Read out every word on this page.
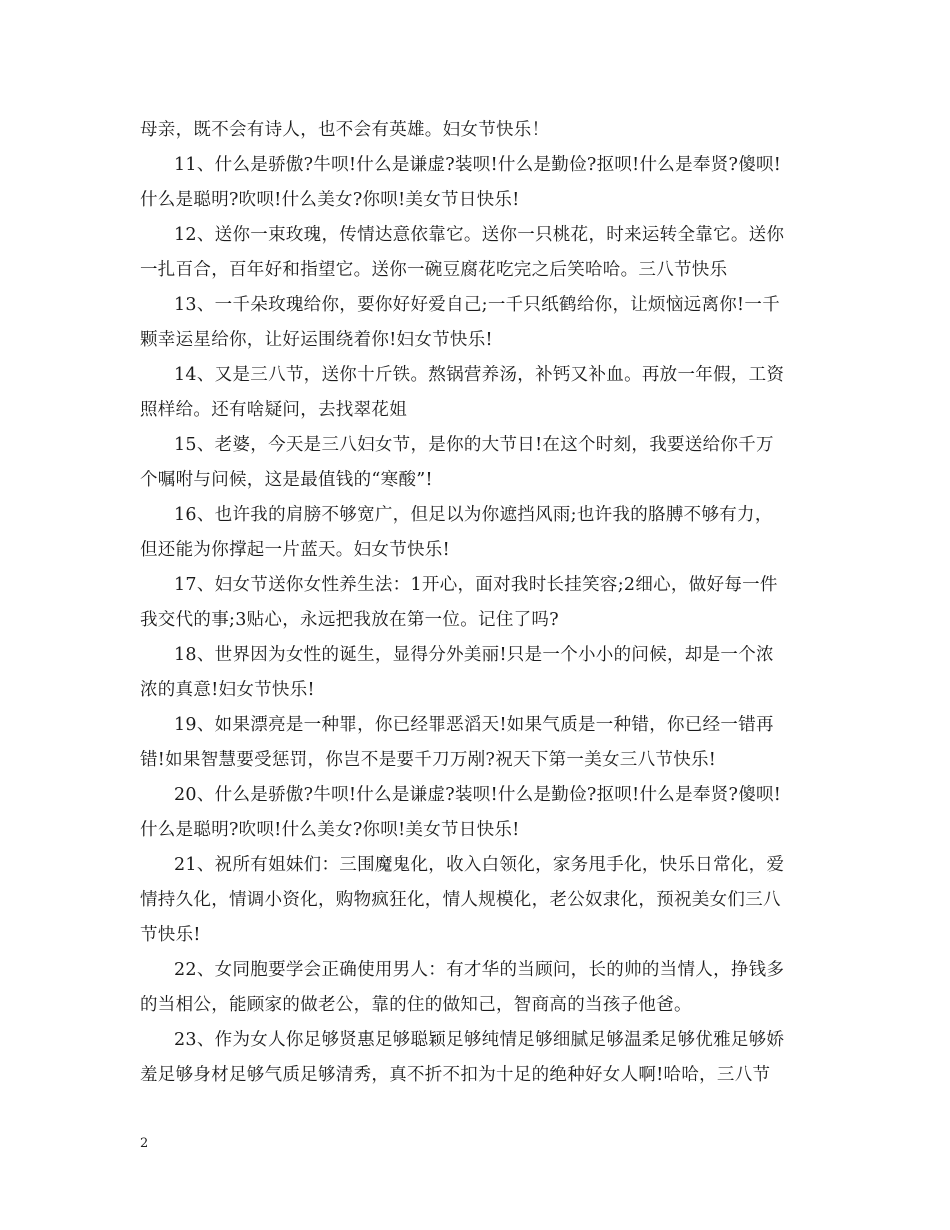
母亲，既不会有诗人，也不会有英雄。妇女节快乐！
11、什么是骄傲?牛呗!什么是谦虚?装呗!什么是勤俭?抠呗!什么是奉贤?傻呗!
什么是聪明?吹呗!什么美女?你呗!美女节日快乐!
12、送你一束玫瑰，传情达意依靠它。送你一只桃花，时来运转全靠它。送你
一扎百合，百年好和指望它。送你一碗豆腐花吃完之后笑哈哈。三八节快乐
13、一千朵玫瑰给你，要你好好爱自己;一千只纸鹤给你，让烦恼远离你!一千
颗幸运星给你，让好运围绕着你!妇女节快乐!
14、又是三八节，送你十斤铁。熬锅营养汤，补钙又补血。再放一年假，工资
照样给。还有啥疑问，去找翠花姐
15、老婆，今天是三八妇女节，是你的大节日!在这个时刻，我要送给你千万
个嘱咐与问候，这是最值钱的“寒酸”!
16、也许我的肩膀不够宽广，但足以为你遮挡风雨;也许我的胳膊不够有力，
但还能为你撑起一片蓝天。妇女节快乐!
17、妇女节送你女性养生法：1开心，面对我时长挂笑容;2细心，做好每一件
我交代的事;3贴心，永远把我放在第一位。记住了吗?
18、世界因为女性的诞生，显得分外美丽!只是一个小小的问候，却是一个浓
浓的真意!妇女节快乐!
19、如果漂亮是一种罪，你已经罪恶滔天!如果气质是一种错，你已经一错再
错!如果智慧要受惩罚，你岂不是要千刀万剐?祝天下第一美女三八节快乐!
20、什么是骄傲?牛呗!什么是谦虚?装呗!什么是勤俭?抠呗!什么是奉贤?傻呗!
什么是聪明?吹呗!什么美女?你呗!美女节日快乐!
21、祝所有姐妹们：三围魔鬼化，收入白领化，家务甩手化，快乐日常化，爱
情持久化，情调小资化，购物疯狂化，情人规模化，老公奴隶化，预祝美女们三八
节快乐!
22、女同胞要学会正确使用男人：有才华的当顾问，长的帅的当情人，挣钱多
的当相公，能顾家的做老公，靠的住的做知己，智商高的当孩子他爸。
23、作为女人你足够贤惠足够聪颖足够纯情足够细腻足够温柔足够优雅足够娇
羞足够身材足够气质足够清秀，真不折不扣为十足的绝种好女人啊!哈哈，三八节
2
